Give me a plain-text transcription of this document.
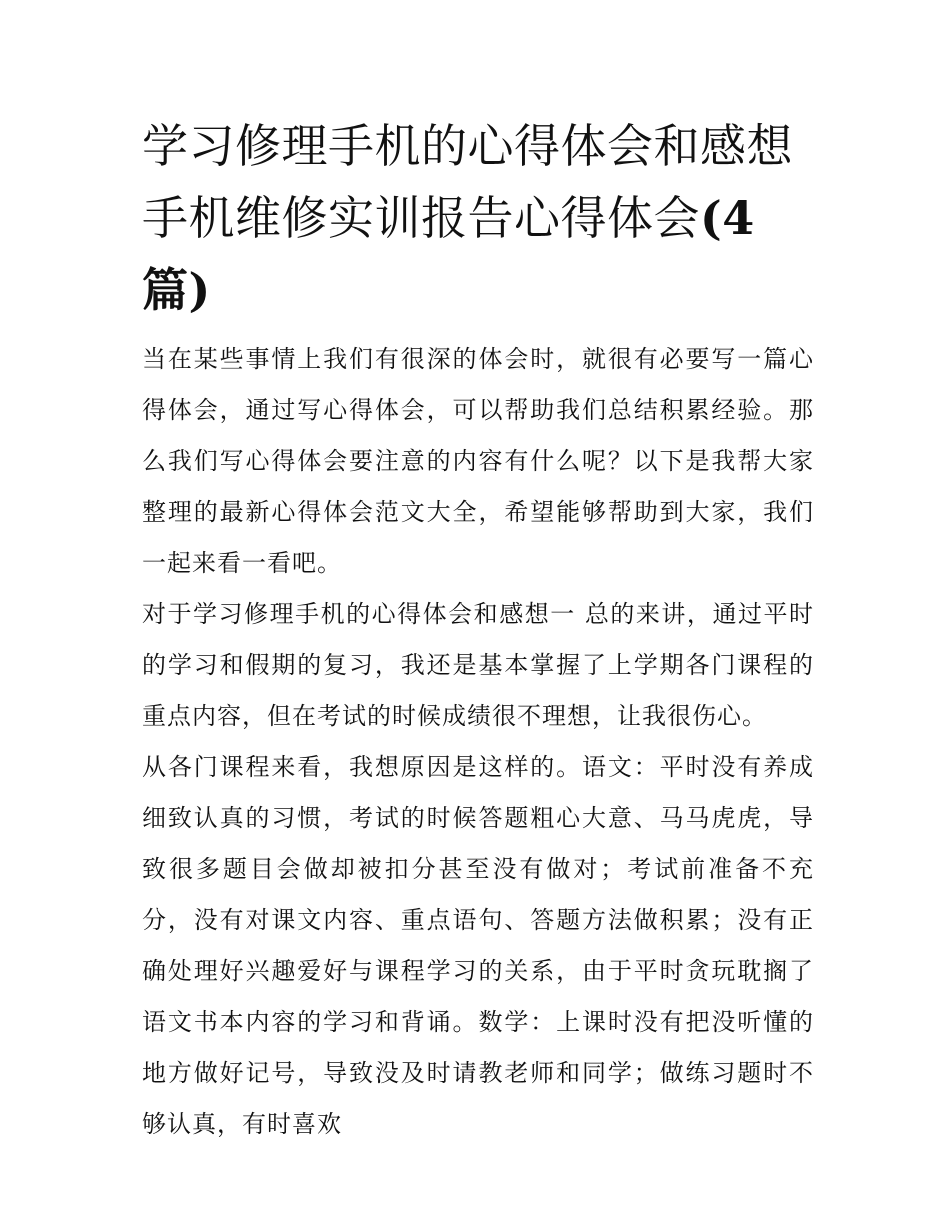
学习修理手机的心得体会和感想 手机维修实训报告心得体会(4篇)

当在某些事情上我们有很深的体会时，就很有必要写一篇心得体会，通过写心得体会，可以帮助我们总结积累经验。那么我们写心得体会要注意的内容有什么呢？以下是我帮大家整理的最新心得体会范文大全，希望能够帮助到大家，我们一起来看一看吧。

对于学习修理手机的心得体会和感想一 总的来讲，通过平时的学习和假期的复习，我还是基本掌握了上学期各门课程的重点内容，但在考试的时候成绩很不理想，让我很伤心。

从各门课程来看，我想原因是这样的。语文：平时没有养成细致认真的习惯，考试的时候答题粗心大意、马马虎虎，导致很多题目会做却被扣分甚至没有做对；考试前准备不充分，没有对课文内容、重点语句、答题方法做积累；没有正确处理好兴趣爱好与课程学习的关系，由于平时贪玩耽搁了语文书本内容的学习和背诵。数学：上课时没有把没听懂的地方做好记号，导致没及时请教老师和同学；做练习题时不够认真，有时喜欢
